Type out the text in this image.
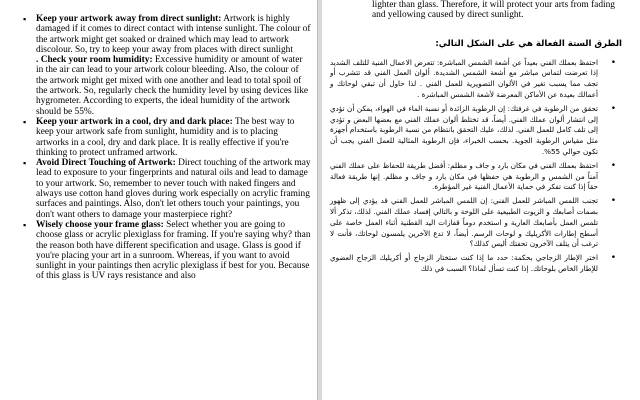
▪ Keep your artwork away from direct sunlight: Artwork is highly damaged if it comes to direct contact with intense sunlight. The colour of the artwork might get soaked or drained which may lead to artwork discolour. So, try to keep your away from places with direct sunlight
. Check your room humidity: Excessive humidity or amount of water in the air can lead to your artwork colour bleeding. Also, the colour of the artwork might get mixed with one another and lead to total spoil of the artwork. So, regularly check the humidity level by using devices like hygrometer. According to experts, the ideal humidity of the artwork should be 55%.
▪ Keep your artwork in a cool, dry and dark place: The best way to keep your artwork safe from sunlight, humidity and is to placing artworks in a cool, dry and dark place. It is really effective if you're thinking to protect unframed artwork.
▪ Avoid Direct Touching of Artwork: Direct touching of the artwork may lead to exposure to your fingerprints and natural oils and lead to damage to your artwork. So, remember to never touch with naked fingers and always use cotton hand gloves during work especially on acrylic framing surfaces and paintings. Also, don't let others touch your paintings, you don't want others to damage your masterpiece right?
▪ Wisely choose your frame glass: Select whether you are going to choose glass or acrylic plexiglass for framing. If you're saying why? than the reason both have different specification and usage. Glass is good if you're placing your art in a sunroom. Whereas, if you want to avoid sunlight in your paintings then acrylic plexiglass if best for you. Because of this glass is UV rays resistance and also

lighter than glass. Therefore, it will protect your arts from fading and yellowing caused by direct sunlight.

الطرق الستة الفعالة هي على الشكل التالي:
• احتفظ بعملك الفني بعيداً عن أشعة الشمس المباشرة: تتعرض الاعمال الفنية للتلف الشديد إذا تعرضت لتماس مباشر مع أشعة الشمس الشديدة. ألوان العمل الفني قد تتشرب أو تجف مما يسبب تغير في الألوان التصويرية للعمل الفني . لذا حاول أن تبقي لوحاتك و أعمالك بعيدة عن الأماكن المعرضة لأشعة الشمس المباشرة .
• تحقق من الرطوبة في غرفتك: إن الرطوبة الزائدة أو نسبة الماء في الهواء، يمكن أن تؤدي إلى انتشار ألوان عملك الفني. أيضاً، قد تختلط ألوان عملك الفني مع بعضها البعض و تؤدي إلى تلف كامل للعمل الفني. لذلك، عليك التحقق بانتظام من نسبة الرطوبة باستخدام أجهزة مثل مقياس الرطوبة الجوية. بحسب الخبراء، فإن الرطوبة المثالية للعمل الفني يجب أن تكون حوالي 55%.
• احتفظ بعملك الفني في مكان بارد و جاف و مظلم: أفضل طريقة للحفاظ على عملك الفني آمناً من الشمس و الرطوبة هي حفظها في مكان بارد و جاف و مظلم. إنها طريقة فعالة حقاً إذا كنت تفكر في حماية الأعمال الفنية غير المؤطرة.
• تجنب اللمس المباشر للعمل الفني: إن اللمس المباشر للعمل الفني قد يؤدي إلى ظهور بصمات أصابعك و الزيوت الطبيعية على اللوحة و بالتالي إفساد عملك الفني. لذلك، تذكر ألا تلمس العمل بأصابعك العارية و استخدم دوماً قفازات اليد القطنية أثناء العمل خاصة على أسطح إطارات الأكريليك و لوحات الرسم. أيضاً، لا تدع الآخرين يلمسون لوحاتك، فأنت لا ترغب أن يتلف الآخرون تحفتك أليس كذلك؟
• اختر الإطار الزجاجي بحكمة: حدد ما إذا كنت ستختار الزجاج أو أكريليك الزجاج العضوي للإطار الخاص بلوحاتك. إذا كنت تسأل لماذا؟ السبب في ذلك
